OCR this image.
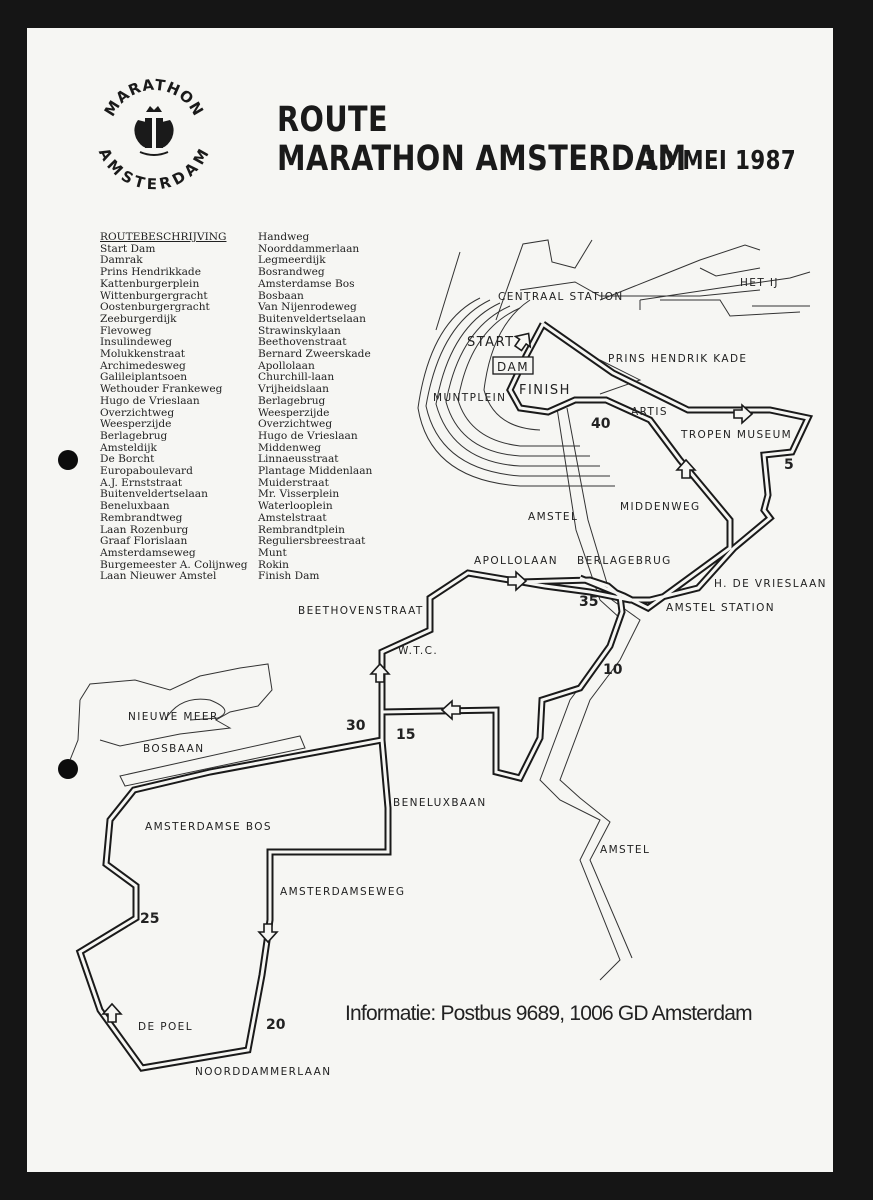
MARATHON
AMSTERDAM
ROUTE
MARATHON AMSTERDAM
10 MEI 1987
ROUTEBESCHRIJVING
Start Dam
Damrak
Prins Hendrikkade
Kattenburgerplein
Wittenburgergracht
Oostenburgergracht
Zeeburgerdijk
Flevoweg
Insulindeweg
Molukkenstraat
Archimedesweg
Galileiplantsoen
Wethouder Frankeweg
Hugo de Vrieslaan
Overzichtweg
Weesperzijde
Berlagebrug
Amsteldijk
De Borcht
Europaboulevard
A.J. Ernststraat
Buitenveldertselaan
Beneluxbaan
Rembrandtweg
Laan Rozenburg
Graaf Florislaan
Amsterdamseweg
Burgemeester A. Colijnweg
Laan Nieuwer Amstel
Handweg
Noorddammerlaan
Legmeerdijk
Bosrandweg
Amsterdamse Bos
Bosbaan
Van Nijenrodeweg
Buitenveldertselaan
Strawinskylaan
Beethovenstraat
Bernard Zweerskade
Apollolaan
Churchill-laan
Vrijheidslaan
Berlagebrug
Weesperzijde
Overzichtweg
Hugo de Vrieslaan
Middenweg
Linnaeusstraat
Plantage Middenlaan
Muiderstraat
Mr. Visserplein
Waterlooplein
Amstelstraat
Rembrandtplein
Reguliersbreestraat
Munt
Rokin
Finish Dam
HET IJ
CENTRAAL STATION
START
DAM
FINISH
MUNTPLEIN
PRINS HENDRIK KADE
ARTIS
TROPEN MUSEUM
MIDDENWEG
AMSTEL
APOLLOLAAN BERLAGEBRUG
H. DE VRIESLAAN
AMSTEL STATION
BEETHOVENSTRAAT
W.T.C.
NIEUWE MEER
BOSBAAN
AMSTERDAMSE BOS
BENELUXBAAN
AMSTEL
AMSTERDAMSEWEG
DE POEL
NOORDDAMMERLAAN
5
10
15
20
25
30
35
40
Informatie: Postbus 9689, 1006 GD Amsterdam
